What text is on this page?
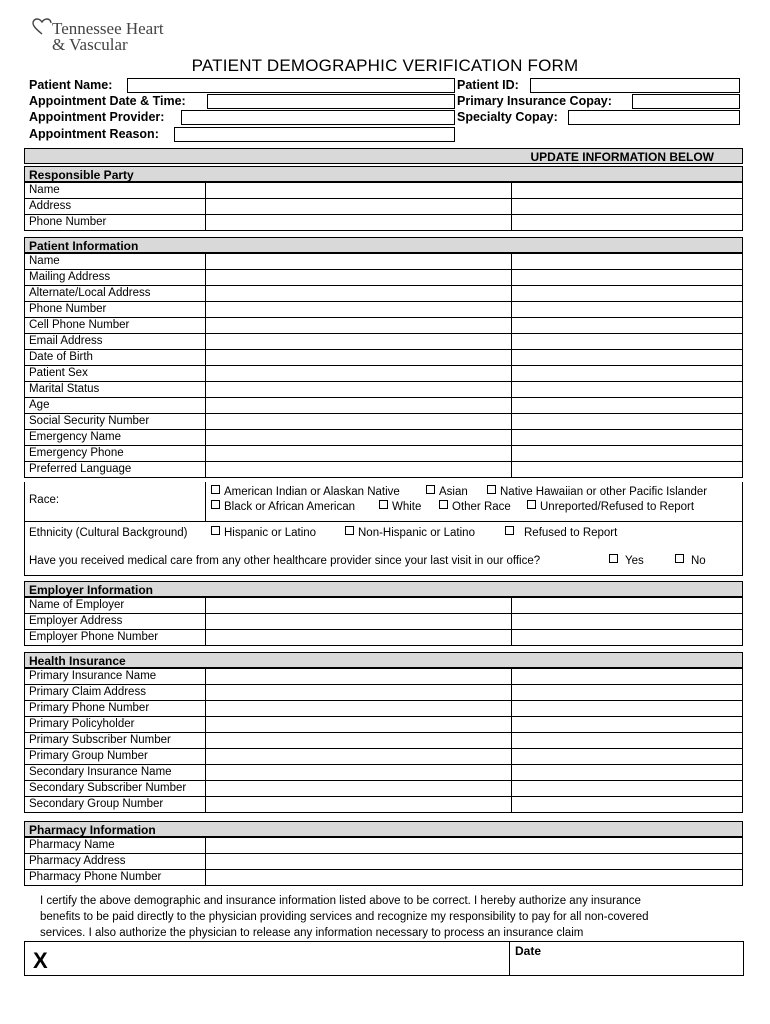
Tennessee Heart
& Vascular
PATIENT DEMOGRAPHIC VERIFICATION FORM
Patient Name:
Appointment Date & Time:
Appointment Provider:
Appointment Reason:
Patient ID:
Primary Insurance Copay:
Specialty Copay:
UPDATE INFORMATION BELOW
Responsible Party
Name		
Address		
Phone Number		
Patient Information
Name		
Mailing Address		
Alternate/Local Address		
Phone Number		
Cell Phone Number		
Email Address		
Date of Birth		
Patient Sex		
Marital Status		
Age		
Social Security Number		
Emergency Name		
Emergency Phone		
Preferred Language		
Race:
American Indian or Alaskan Native	Asian	Native Hawaiian or other Pacific Islander
Black or African American	White	Other Race	Unreported/Refused to Report
Ethnicity (Cultural Background)	Hispanic or Latino	Non-Hispanic or Latino	Refused to Report
Have you received medical care from any other healthcare provider since your last visit in our office?	Yes	No
Employer Information
Name of Employer		
Employer Address		
Employer Phone Number		
Health Insurance
Primary Insurance Name		
Primary Claim Address		
Primary Phone Number		
Primary Policyholder		
Primary Subscriber Number		
Primary Group Number		
Secondary Insurance Name		
Secondary Subscriber Number		
Secondary Group Number		
Pharmacy Information
Pharmacy Name	
Pharmacy Address	
Pharmacy Phone Number	
I certify the above demographic and insurance information listed above to be correct. I hereby authorize any insurance
benefits to be paid directly to the physician providing services and recognize my responsibility to pay for all non-covered
services. I also authorize the physician to release any information necessary to process an insurance claim
X	Date
